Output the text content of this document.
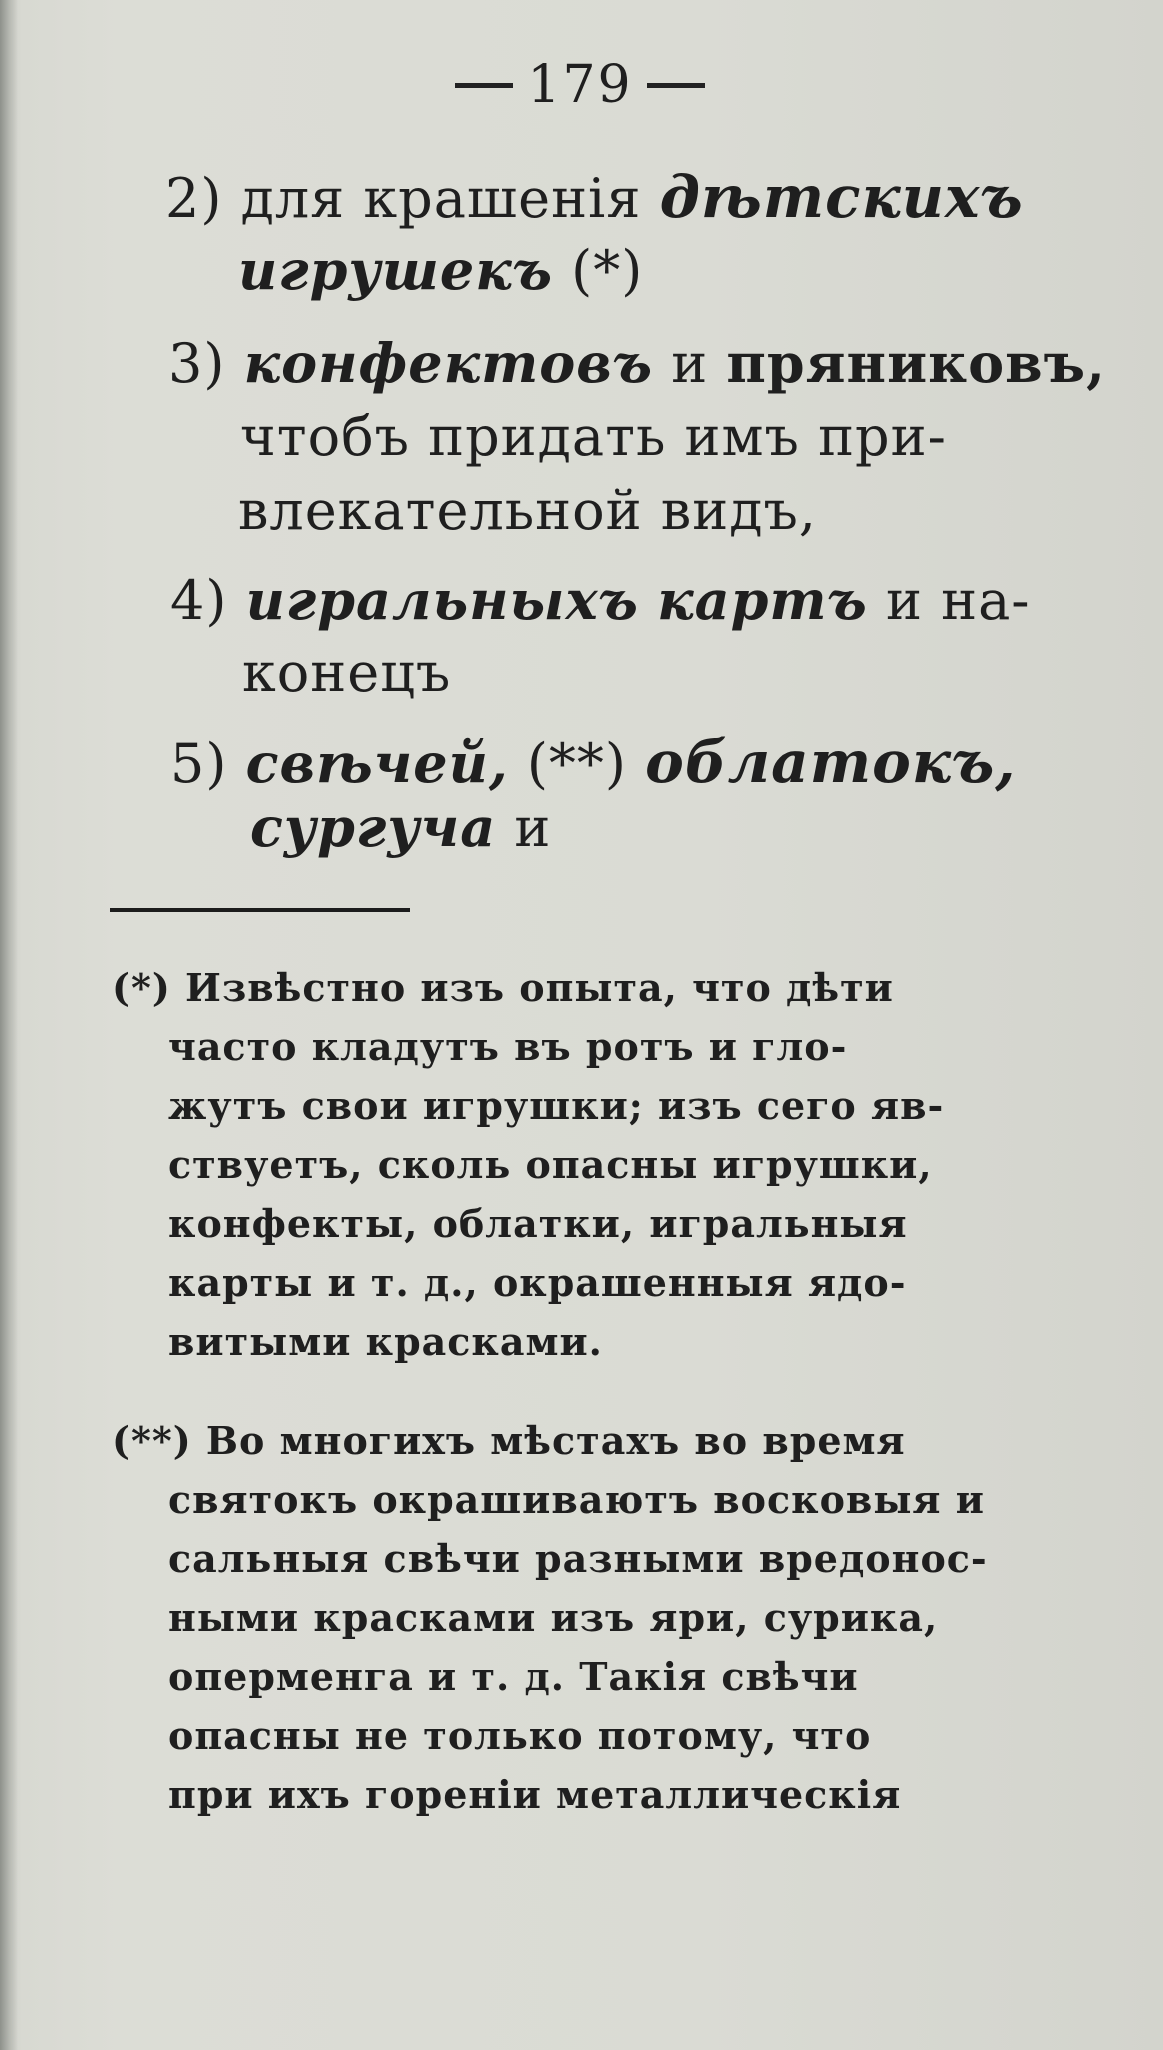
179
2) для крашенія дѣтскихъ
игрушекъ (*)
3) конфектовъ и пряниковъ,
чтобъ придать имъ при-
влекательной видъ,
4) игральныхъ картъ и на-
конецъ
5) свѣчей, (**) облатокъ,
сургуча и
(*) Извѣстно изъ опыта, что дѣти
часто кладутъ въ ротъ и гло-
жутъ свои игрушки; изъ сего яв-
ствуетъ, сколь опасны игрушки,
конфекты, облатки, игральныя
карты и т. д., окрашенныя ядо-
витыми красками.
(**) Во многихъ мѣстахъ во время
святокъ окрашиваютъ восковыя и
сальныя свѣчи разными вредонос-
ными красками изъ яри, сурика,
оперменга и т. д. Такія свѣчи
опасны не только потому, что
при ихъ гореніи металлическія
